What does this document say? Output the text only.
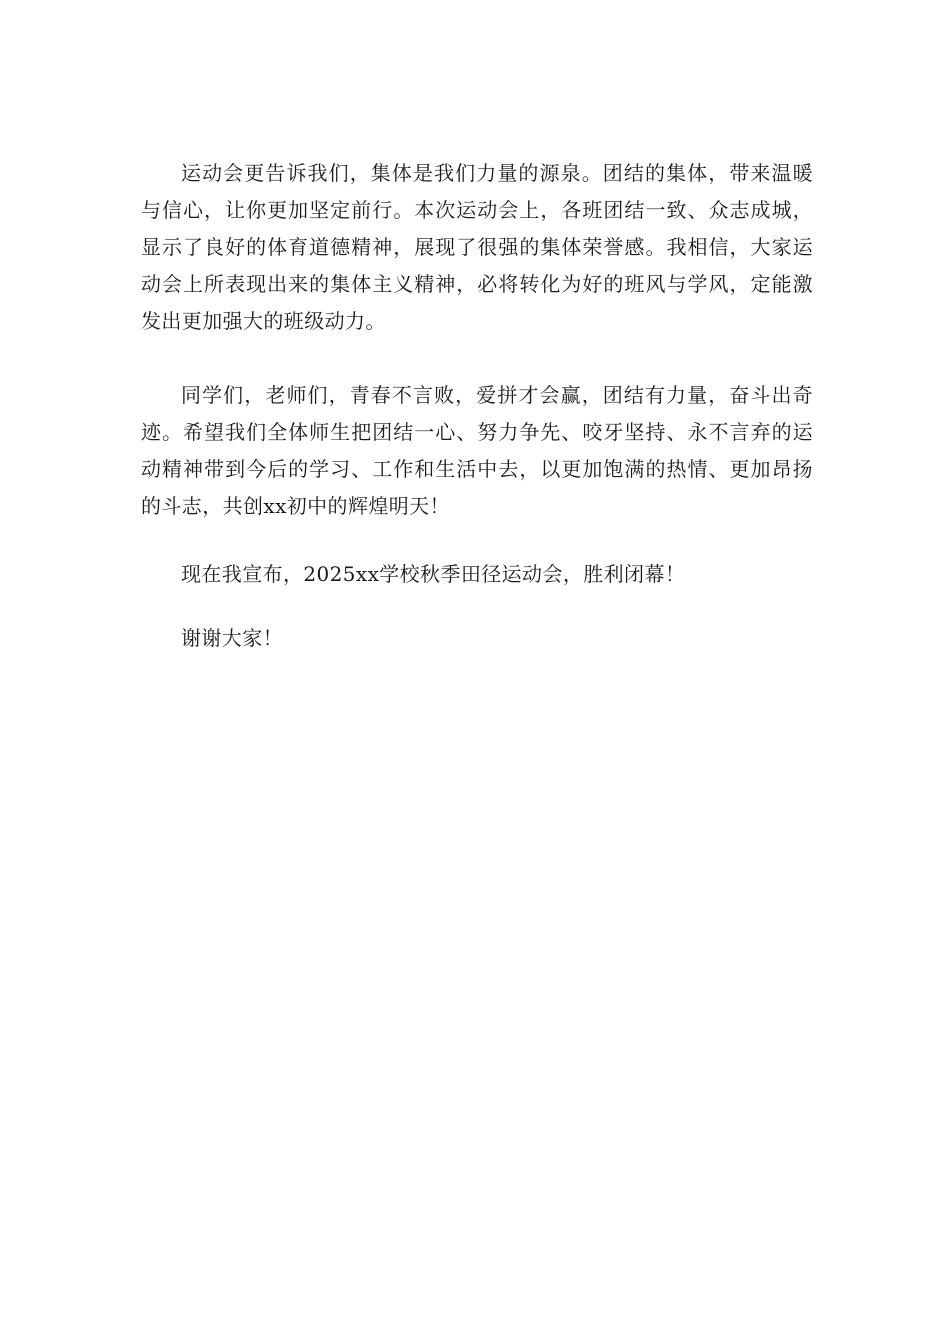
运动会更告诉我们，集体是我们力量的源泉。团结的集体，带来温暖与信心，让你更加坚定前行。本次运动会上，各班团结一致、众志成城，显示了良好的体育道德精神，展现了很强的集体荣誉感。我相信，大家运动会上所表现出来的集体主义精神，必将转化为好的班风与学风，定能激发出更加强大的班级动力。

同学们，老师们，青春不言败，爱拼才会赢，团结有力量，奋斗出奇迹。希望我们全体师生把团结一心、努力争先、咬牙坚持、永不言弃的运动精神带到今后的学习、工作和生活中去，以更加饱满的热情、更加昂扬的斗志，共创xx初中的辉煌明天！

现在我宣布，2025xx学校秋季田径运动会，胜利闭幕！

谢谢大家！
